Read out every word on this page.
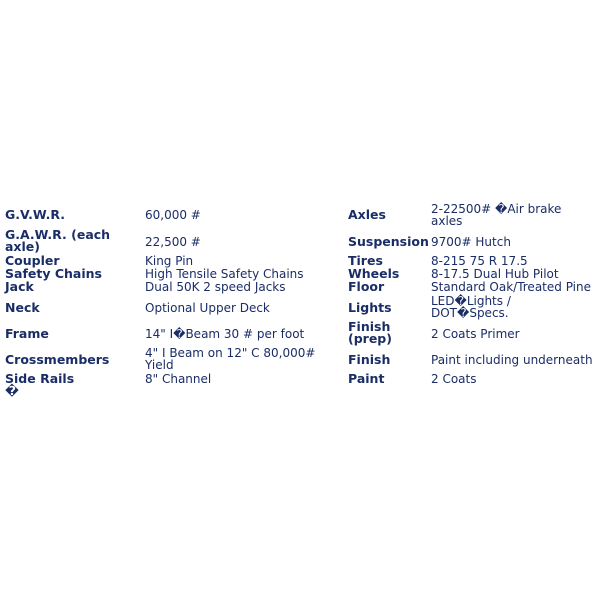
G.V.W.R.	60,000 #	Axles	2-22500# �Air brake
axles
G.A.W.R. (each
axle)	22,500 #	Suspension 9700# Hutch
Coupler	King Pin	Tires	8-215 75 R 17.5
Safety Chains	High Tensile Safety Chains	Wheels	8-17.5 Dual Hub Pilot
Jack	Dual 50K 2 speed Jacks	Floor	Standard Oak/Treated Pine
Neck	Optional Upper Deck	Lights	LED�Lights /
DOT�Specs.
Frame	14" I�Beam 30 # per foot	Finish
(prep)	2 Coats Primer
Crossmembers	4" I Beam on 12" C 80,000#
Yield	Finish	Paint including underneath
Side Rails
�
8" Channel	Paint	2 Coats
